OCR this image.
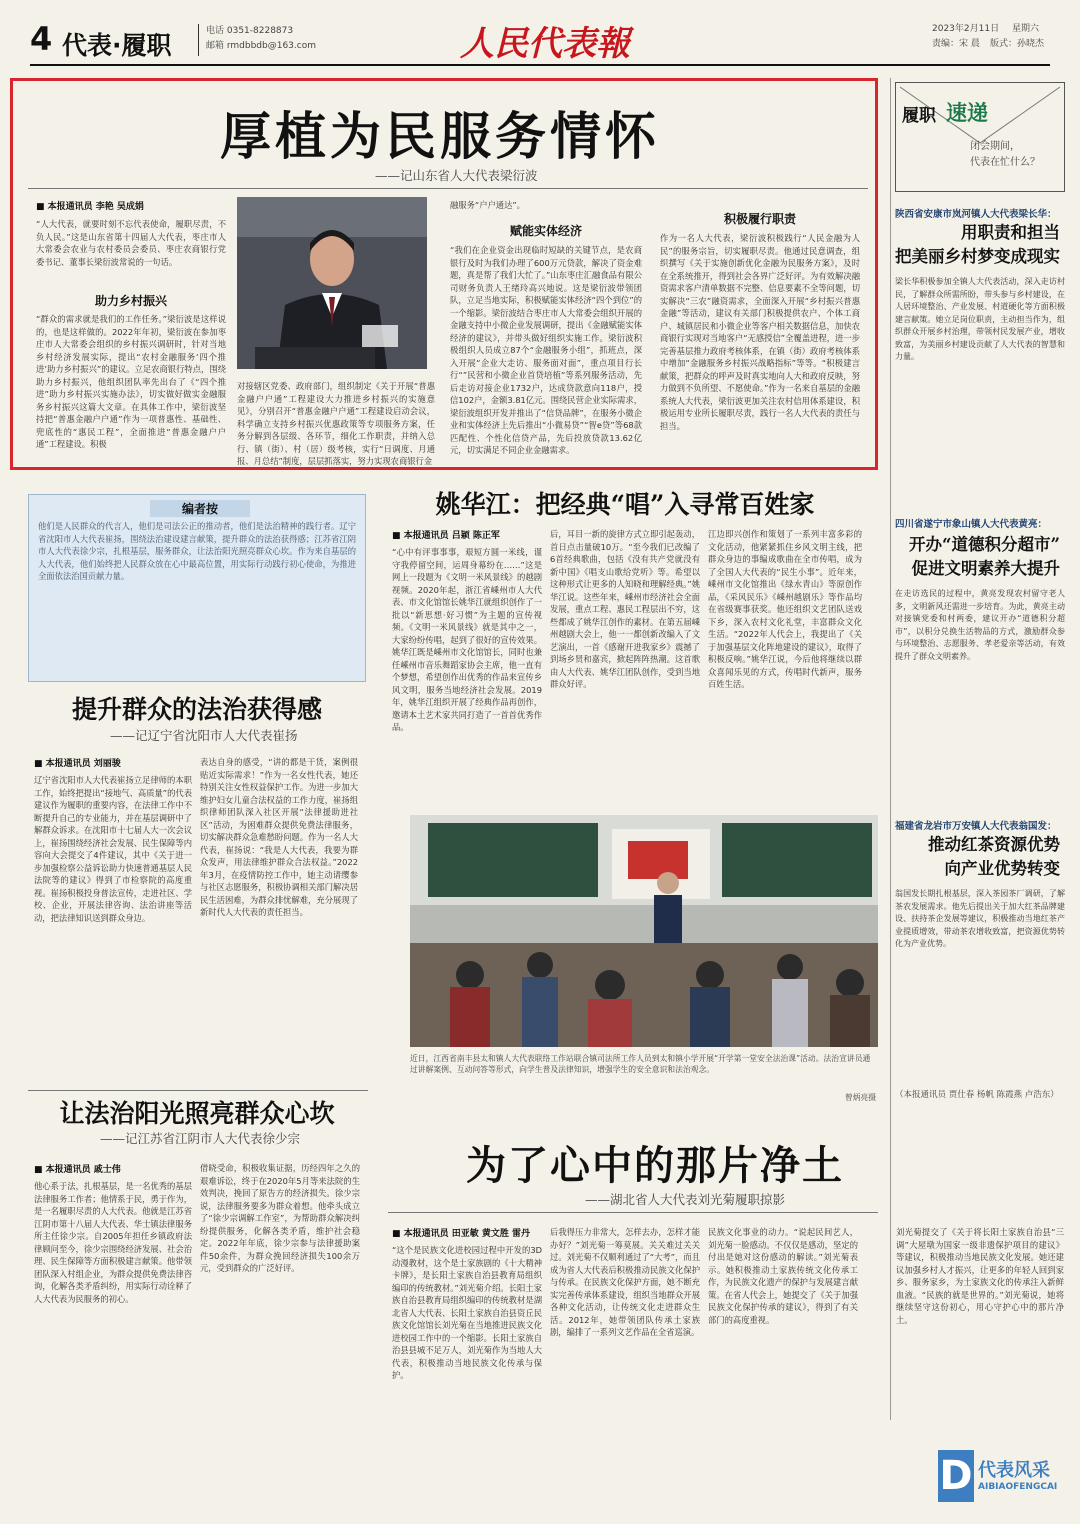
4 代表·履职	电话 0351-8228873
邮箱 rmdbbdb@163.com	人民代表報	2023年2月11日 星期六
责编：宋 晨 版式：孙晓杰
厚植为民服务情怀
——记山东省人大代表梁衍波
■ 本报通讯员 李艳 吴成娟
“人大代表，就要时刻不忘代表使命，履职尽责，不负人民。”这是山东省第十四届人大代表，枣庄市人大常委会农业与农村委员会委员、枣庄农商银行党委书记、董事长梁衍波常说的一句话。
助力乡村振兴
“群众的需求就是我们的工作任务。”梁衍波是这样说的，也是这样做的。2022年年初，梁衍波在参加枣庄市人大常委会组织的乡村振兴调研时，针对当地乡村经济发展实际，提出“农村金融服务‘四个推进’助力乡村振兴”的建议。立足农商银行特点，围绕助力乡村振兴，他组织团队率先出台了《“四个推进”助力乡村振兴实施办法》，切实做好做实金融服务乡村振兴这篇大文章。在具体工作中，梁衍波坚持把“普惠金融户户通”作为一项普惠性、基础性、兜底性的“惠民工程”，全面推进“普惠金融户户通”工程建设。积极
对接辖区党委、政府部门，组织制定《关于开展“普惠金融户户通”工程建设大力推进乡村振兴的实施意见》，分别召开“普惠金融户户通”工程建设启动会议，科学确立支持乡村振兴优惠政策等专项服务方案，任务分解到各层级、各环节，细化工作职责，并纳入总行、镇（街）、村（居）级考核，实行“日调度、月通报、月总结”制度，层层抓落实，努力实现农商银行金
融服务“户户通达”。
赋能实体经济
“我们在企业资金出现临时短缺的关键节点，是农商银行及时为我们办理了600万元贷款，解决了资金难题，真是帮了我们大忙了。”山东枣庄汇融食品有限公司财务负责人王绪玲高兴地说。这是梁衍波带领团队，立足当地实际，积极赋能实体经济“四个到位”的一个缩影。梁衍波结合枣庄市人大常委会组织开展的金融支持中小微企业发展调研，提出《金融赋能实体经济的建议》，并带头做好组织实施工作。梁衍波积极组织人员成立87个“金融服务小组”，抓班点，深入开展“企业大走访、服务面对面”，重点项目行长行“”民营和小微企业首贷培植“等系列服务活动，先后走访对接企业1732户，达成贷款意向118户，授信102户，金额3.81亿元。围绕民营企业实际需求，梁衍波组织开发并推出了“信贷品牌”，在服务小微企业和实体经济上先后推出“小微易贷”“智e贷”等68款匹配性、个性化信贷产品，先后投放贷款13.62亿元，切实满足不同企业金融需求。
积极履行职责
作为一名人大代表，梁衍波积极践行“人民金融为人民”的服务宗旨，切实履职尽责。他通过民意调查，组织撰写《关于实施创新优化金融为民服务方案》，及时在全系统推开，得到社会各界广泛好评。为有效解决融资需求客户清单数据不完整、信息要素不全等问题，切实解决“三农”融资需求，全面深入开展“乡村振兴普惠金融”等活动，建议有关部门积极提供农户、个体工商户、城镇居民和小微企业等客户相关数据信息，加快农商银行实现对当地客户“无感授信”全覆盖进程，进一步完善基层推力政府考核体系，在镇（街）政府考核体系中增加“金融服务乡村振兴战略指标”等等。“积极建言献策，把群众的呼声及时真实地向人大和政府反映，努力做到不负所望、不愿使命。”作为一名来自基层的金融系统人大代表，梁衍波更加关注农村信用体系建设，积极运用专业所长履职尽责，践行一名人大代表的责任与担当。
履职 速递
闭会期间，
代表在忙什么？
陕西省安康市岚河镇人大代表梁长华：
用职责和担当
把美丽乡村梦变成现实
梁长华积极参加全镇人大代表活动，深入走访村民，了解群众所需所盼，带头参与乡村建设，在人居环境整治、产业发展、村道硬化等方面积极建言献策。她立足岗位职责，主动担当作为，组织群众开展乡村治理，带领村民发展产业，增收致富，为美丽乡村建设贡献了人大代表的智慧和力量。
四川省遂宁市象山镇人大代表黄亮：
开办“道德积分超市”
促进文明素养大提升
在走访选民的过程中，黄亮发现农村留守老人多，文明新风还需进一步培育。为此，黄亮主动对接镇党委和村两委，建议开办“道德积分超市”，以积分兑换生活物品的方式，激励群众参与环境整治、志愿服务、孝老爱亲等活动，有效提升了群众文明素养。
福建省龙岩市万安镇人大代表翁国发：
推动红茶资源优势
向产业优势转变
翁国发长期扎根基层，深入茶园茶厂调研，了解茶农发展需求。他先后提出关于加大红茶品牌建设、扶持茶企发展等建议，积极推动当地红茶产业提质增效，带动茶农增收致富，把资源优势转化为产业优势。
（本报通讯员 贾仕春 杨帆 陈霞燕 卢浩东）
编者按
他们是人民群众的代言人，他们是司法公正的推动者，他们是法治精神的践行者。辽宁省沈阳市人大代表崔扬，围绕法治建设建言献策，提升群众的法治获得感；江苏省江阴市人大代表徐少宗，扎根基层，服务群众，让法治阳光照亮群众心坎。作为来自基层的人大代表，他们始终把人民群众放在心中最高位置，用实际行动践行初心使命，为推进全面依法治国贡献力量。
提升群众的法治获得感
——记辽宁省沈阳市人大代表崔扬
■ 本报通讯员 刘丽骏
辽宁省沈阳市人大代表崔扬立足律师的本职工作，始终把提出“接地气、高质量”的代表建议作为履职的重要内容，在法律工作中不断提升自己的专业能力，并在基层调研中了解群众诉求。在沈阳市十七届人大一次会议上，崔扬围绕经济社会发展、民生保障等内容向大会提交了4件建议，其中《关于进一步加强检察公益诉讼助力快速普通基层人民法院等的建议》得到了市检察院的高度重视。崔扬积极投身普法宣传，走进社区、学校、企业，开展法律咨询、法治讲座等活动，把法律知识送到群众身边。
表达自身的感受，“讲的都是干货，案例很贴近实际需求！”作为一名女性代表，她还特别关注女性权益保护工作。为进一步加大维护妇女儿童合法权益的工作力度，崔扬组织律师团队深入社区开展“法律援助进社区”活动，为困难群众提供免费法律服务，切实解决群众急难愁盼问题。作为一名人大代表，崔扬说：“我是人大代表，我要为群众发声，用法律维护群众合法权益。”2022年3月，在疫情防控工作中，她主动请缨参与社区志愿服务，积极协调相关部门解决居民生活困难，为群众排忧解难，充分展现了新时代人大代表的责任担当。
姚华江：把经典“唱”入寻常百姓家
■ 本报通讯员 吕颖 陈正军
“心中有评事事事，艰短方圆一米线，谨守我停留空间，运周身幕纷在……”这是网上一段题为《文明一米风景线》的越剧视频。2020年起，浙江省嵊州市人大代表、市文化馆馆长姚华江就组织创作了一批以“新思想·好习惯”为主题的宣传视频。《文明一米风景线》就是其中之一，大家纷纷传唱，起到了很好的宣传效果。姚华江既是嵊州市文化馆馆长，同时也兼任嵊州市音乐舞蹈家协会主席，他一直有个梦想，希望创作出优秀的作品来宣传乡风文明，服务当地经济社会发展。2019年，姚华江组织开展了经典作品再创作，邀请本土艺术家共同打造了一首首优秀作品。
后，耳目一新的旋律方式立即引起轰动，首日点击量破10万。“至今我们已改编了6首经典歌曲，包括《没有共产党就没有新中国》《唱支山歌给党听》等。希望以这种形式让更多的人知晓和理解经典。”姚华江说。这些年来，嵊州市经济社会全面发展，重点工程、惠民工程层出不穷，这些都成了姚华江创作的素材。在第五届嵊州越剧大会上，他一一都创新改编入了文艺演出，一首《感谢开进我家乡》震撼了到场乡贤和嘉宾，掀起阵阵热潮。这首歌由人大代表、姚华江团队创作，受到当地群众好评。
江边即兴创作和策划了一系列丰富多彩的文化活动，他紧紧抓住乡风文明主线，把群众身边的事编成歌曲在全市传唱，成为了全国人大代表的“民生小事”。近年来，嵊州市文化馆推出《绿水青山》等原创作品，《采风民乐》《嵊州越剧乐》等作品均在省级赛事获奖。他还组织文艺团队送戏下乡，深入农村文化礼堂，丰富群众文化生活。“2022年人代会上，我提出了《关于加强基层文化阵地建设的建议》，取得了积极反响。”姚华江说，今后他将继续以群众喜闻乐见的方式，传唱时代新声，服务百姓生活。
近日，江西省南丰县太和镇人大代表联络工作站联合镇司法所工作人员到太和镇小学开展“开学第一堂安全法治课”活动。法治宣讲员通过讲解案例、互动问答等形式，向学生普及法律知识，增强学生的安全意识和法治观念。
曾炳亮摄
让法治阳光照亮群众心坎
——记江苏省江阴市人大代表徐少宗
■ 本报通讯员 戚士伟
他心系于法，扎根基层，是一名优秀的基层法律服务工作者；他情系于民，勇于作为，是一名履职尽责的人大代表。他就是江苏省江阴市第十八届人大代表、华士镇法律服务所主任徐少宗。自2005年担任乡镇政府法律顾问至今，徐少宗围绕经济发展、社会治理、民生保障等方面积极建言献策。他带领团队深入村组企业，为群众提供免费法律咨询，化解各类矛盾纠纷，用实际行动诠释了人大代表为民服务的初心。
借晓受命，积极收集证据，历经四年之久的艰难诉讼，终于在2020年5月等来法院的生效判决，挽回了原告方的经济损失。徐少宗说，法律服务要多为群众着想。他牵头成立了“徐少宗调解工作室”，为帮助群众解决纠纷提供服务，化解各类矛盾，维护社会稳定。2022年年底，徐少宗参与法律援助案件50余件，为群众挽回经济损失100余万元，受到群众的广泛好评。
为了心中的那片净土
——湖北省人大代表刘光菊履职掠影
■ 本报通讯员 田亚敏 黄文胜 雷丹
“这个是民族文化进校园过程中开发的3D动漫教材，这个是土家族剧的《十大精神卡牌》，是长阳土家族自治县教育局组织编印的传统教材。”刘光菊介绍。长阳土家族自治县教育局组织编印的传统教材是湖北省人大代表、长阳土家族自治县资丘民族文化馆馆长刘光菊在当地推进民族文化进校园工作中的一个缩影。长阳土家族自治县县城不足万人，刘光菊作为当地人大代表，积极推动当地民族文化传承与保护。
后我得压力非常大，怎样去办，怎样才能办好？”刘光菊一筹莫展。关关难过关关过。刘光菊不仅顺利通过了“大考”，而且成为省人大代表后积极推动民族文化保护与传承。在民族文化保护方面，她不断充实完善传承体系建设，组织当地群众开展各种文化活动，让传统文化走进群众生活。2012年，她带领团队传承土家族剧，编排了一系列文艺作品在全省巡演。
民族文化事业的动力。“说起民间艺人，刘光菊一脸感动。不仅仅是感动，坚定的付出是她对这份感动的解读。”刘光菊表示。她积极推动土家族传统文化传承工作，为民族文化遗产的保护与发展建言献策。在省人代会上，她提交了《关于加强民族文化保护传承的建议》，得到了有关部门的高度重视。
刘光菊提交了《关于将长阳土家族自治县“三调”大屋墩为国家一级非遗保护项目的建议》等建议，积极推动当地民族文化发展。她还建议加强乡村人才振兴，让更多的年轻人回到家乡、服务家乡，为土家族文化的传承注入新鲜血液。“民族的就是世界的。”刘光菊说，她将继续坚守这份初心，用心守护心中的那片净土。
D 代表风采
AIBIAOFENGCAI
